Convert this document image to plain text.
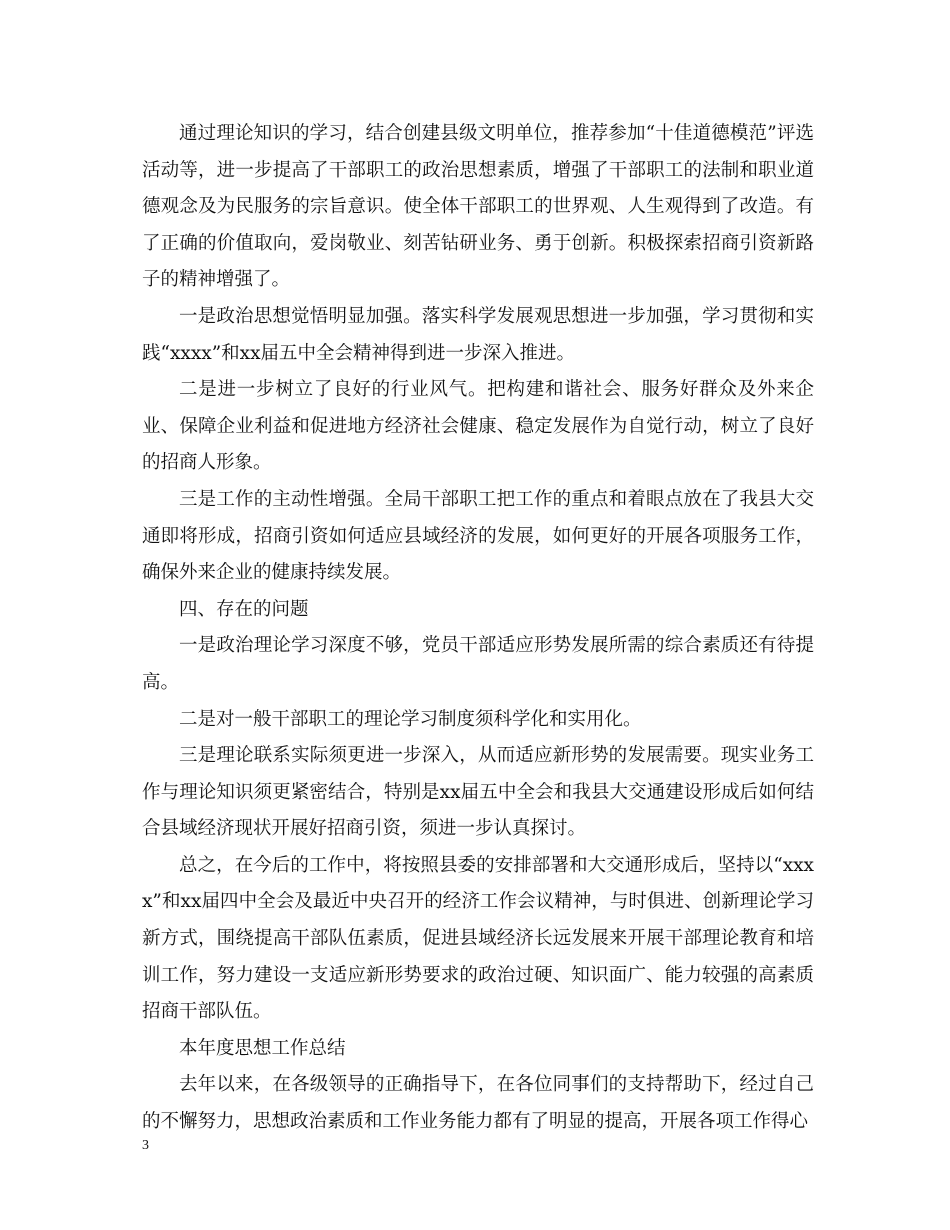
通过理论知识的学习，结合创建县级文明单位，推荐参加“十佳道德模范”评选活动等，进一步提高了干部职工的政治思想素质，增强了干部职工的法制和职业道德观念及为民服务的宗旨意识。使全体干部职工的世界观、人生观得到了改造。有了正确的价值取向，爱岗敬业、刻苦钻研业务、勇于创新。积极探索招商引资新路子的精神增强了。

一是政治思想觉悟明显加强。落实科学发展观思想进一步加强，学习贯彻和实践“xxxx”和xx届五中全会精神得到进一步深入推进。

二是进一步树立了良好的行业风气。把构建和谐社会、服务好群众及外来企业、保障企业利益和促进地方经济社会健康、稳定发展作为自觉行动，树立了良好的招商人形象。

三是工作的主动性增强。全局干部职工把工作的重点和着眼点放在了我县大交通即将形成，招商引资如何适应县域经济的发展，如何更好的开展各项服务工作，确保外来企业的健康持续发展。

四、存在的问题

一是政治理论学习深度不够，党员干部适应形势发展所需的综合素质还有待提高。

二是对一般干部职工的理论学习制度须科学化和实用化。

三是理论联系实际须更进一步深入，从而适应新形势的发展需要。现实业务工作与理论知识须更紧密结合，特别是xx届五中全会和我县大交通建设形成后如何结合县域经济现状开展好招商引资，须进一步认真探讨。

总之，在今后的工作中，将按照县委的安排部署和大交通形成后，坚持以“xxxx”和xx届四中全会及最近中央召开的经济工作会议精神，与时俱进、创新理论学习新方式，围绕提高干部队伍素质，促进县域经济长远发展来开展干部理论教育和培训工作，努力建设一支适应新形势要求的政治过硬、知识面广、能力较强的高素质招商干部队伍。

本年度思想工作总结

去年以来，在各级领导的正确指导下，在各位同事们的支持帮助下，经过自己的不懈努力，思想政治素质和工作业务能力都有了明显的提高，开展各项工作得心

3
